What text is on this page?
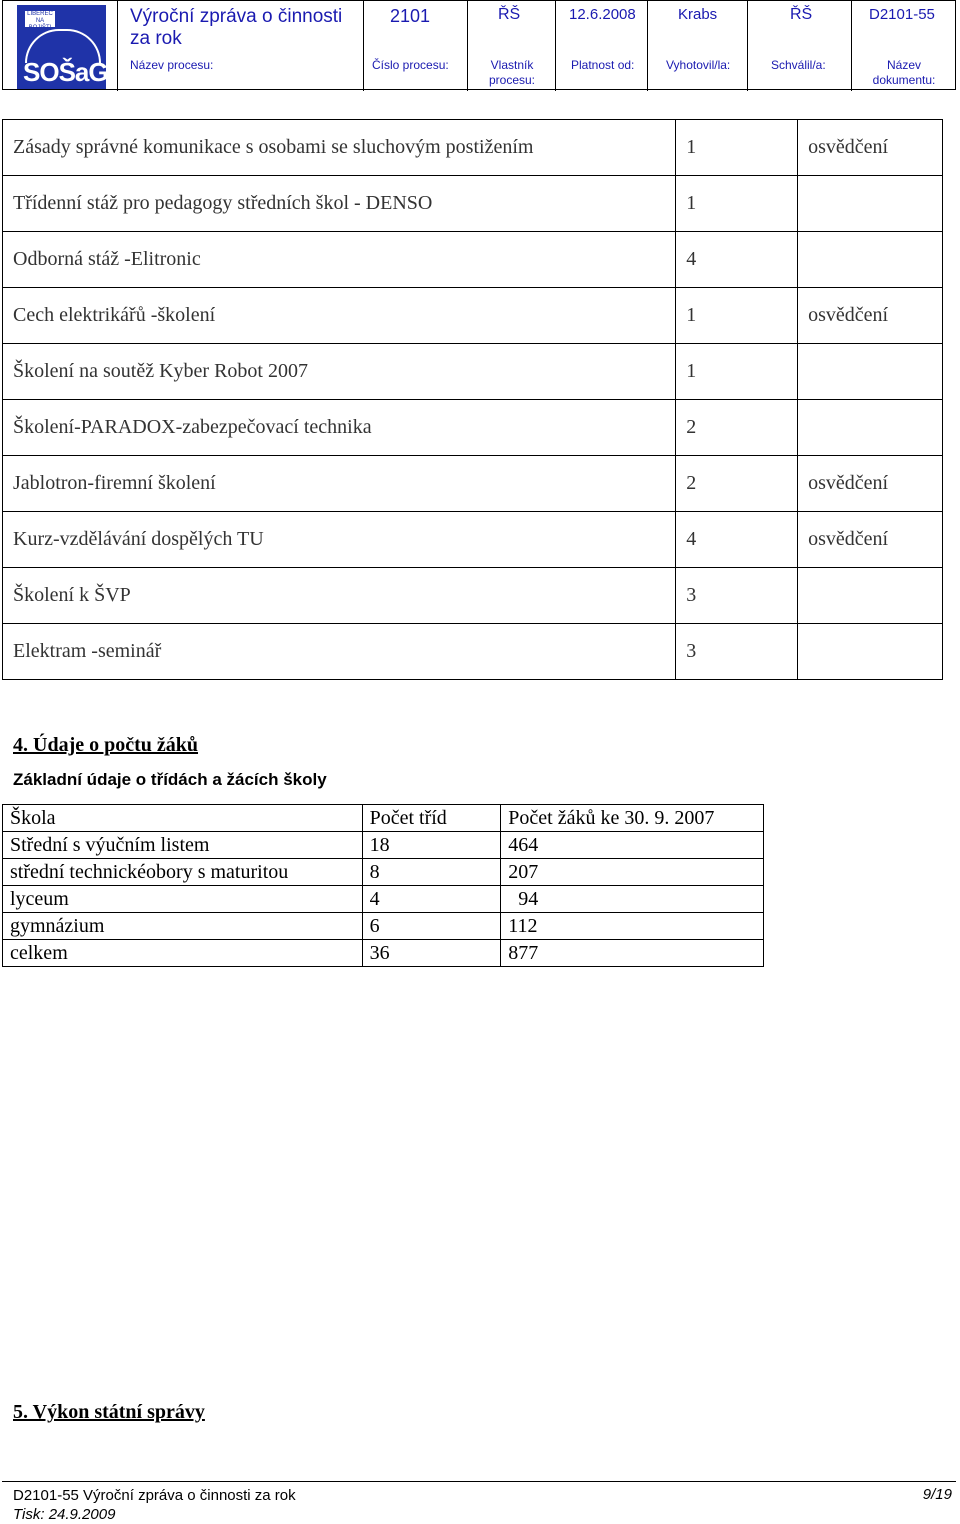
LIBEREC NA BOJIŠTI
SOŠaG
Výroční zpráva o činnosti za rok
Název procesu:
2101
Číslo procesu:
ŘŠ
Vlastník procesu:
12.6.2008
Platnost od:
Krabs
Vyhotovil/la:
ŘŠ
Schválil/a:
D2101-55
Název dokumentu:
Zásady správné komunikace s osobami se sluchovým postižením	1	osvědčení
Třídenní stáž pro pedagogy středních škol - DENSO	1	
Odborná stáž -Elitronic	4	
Cech elektrikářů -školení	1	osvědčení
Školení na soutěž Kyber Robot 2007	1	
Školení-PARADOX-zabezpečovací technika	2	
Jablotron-firemní školení	2	osvědčení
Kurz-vzdělávání dospělých TU	4	osvědčení
Školení k ŠVP	3	
Elektram -seminář	3	
4. Údaje o počtu žáků
Základní údaje o třídách a žácích školy
Škola	Počet tříd	Počet žáků ke 30. 9. 2007
Střední s výučním listem	18	464
střední technickéobory s maturitou	8	207
lyceum	4	94
gymnázium	6	112
celkem	36	877
5. Výkon státní správy
D2101-55 Výroční zpráva o činnosti za rok
Tisk: 24.9.2009
9/19
